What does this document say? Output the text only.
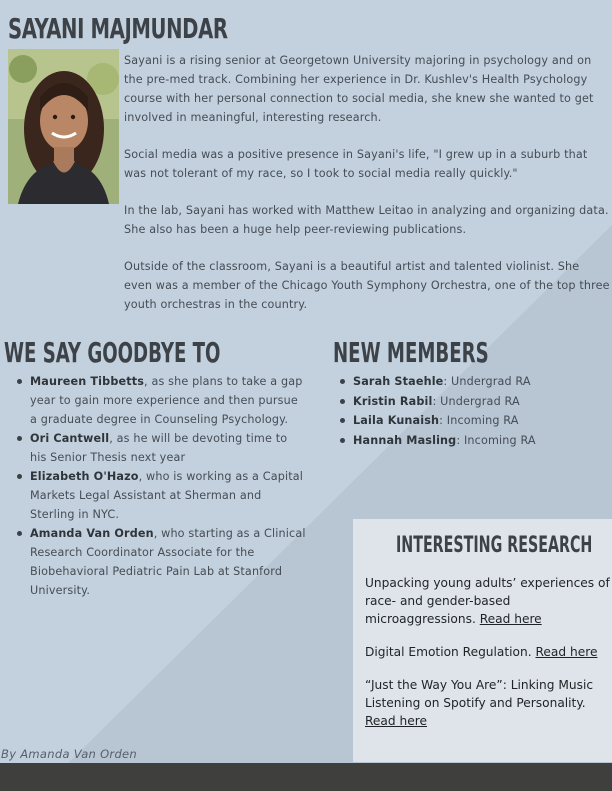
SAYANI MAJMUNDAR

Sayani is a rising senior at Georgetown University majoring in psychology and on the pre-med track. Combining her experience in Dr. Kushlev's Health Psychology course with her personal connection to social media, she knew she wanted to get involved in meaningful, interesting research.

Social media was a positive presence in Sayani's life, "I grew up in a suburb that was not tolerant of my race, so I took to social media really quickly."

In the lab, Sayani has worked with Matthew Leitao in analyzing and organizing data. She also has been a huge help peer-reviewing publications.

Outside of the classroom, Sayani is a beautiful artist and talented violinist. She even was a member of the Chicago Youth Symphony Orchestra, one of the top three youth orchestras in the country.

WE SAY GOODBYE TO
Maureen Tibbetts, as she plans to take a gap year to gain more experience and then pursue a graduate degree in Counseling Psychology.
Ori Cantwell, as he will be devoting time to his Senior Thesis next year
Elizabeth O'Hazo, who is working as a Capital Markets Legal Assistant at Sherman and Sterling in NYC.
Amanda Van Orden, who starting as a Clinical Research Coordinator Associate for the Biobehavioral Pediatric Pain Lab at Stanford University.
NEW MEMBERS
Sarah Staehle: Undergrad RA
Kristin Rabil: Undergrad RA
Laila Kunaish: Incoming RA
Hannah Masling: Incoming RA
INTERESTING RESEARCH
Unpacking young adults’ experiences of race- and gender-based microaggressions. Read here
Digital Emotion Regulation. Read here
“Just the Way You Are”: Linking Music Listening on Spotify and Personality. Read here
By Amanda Van Orden
